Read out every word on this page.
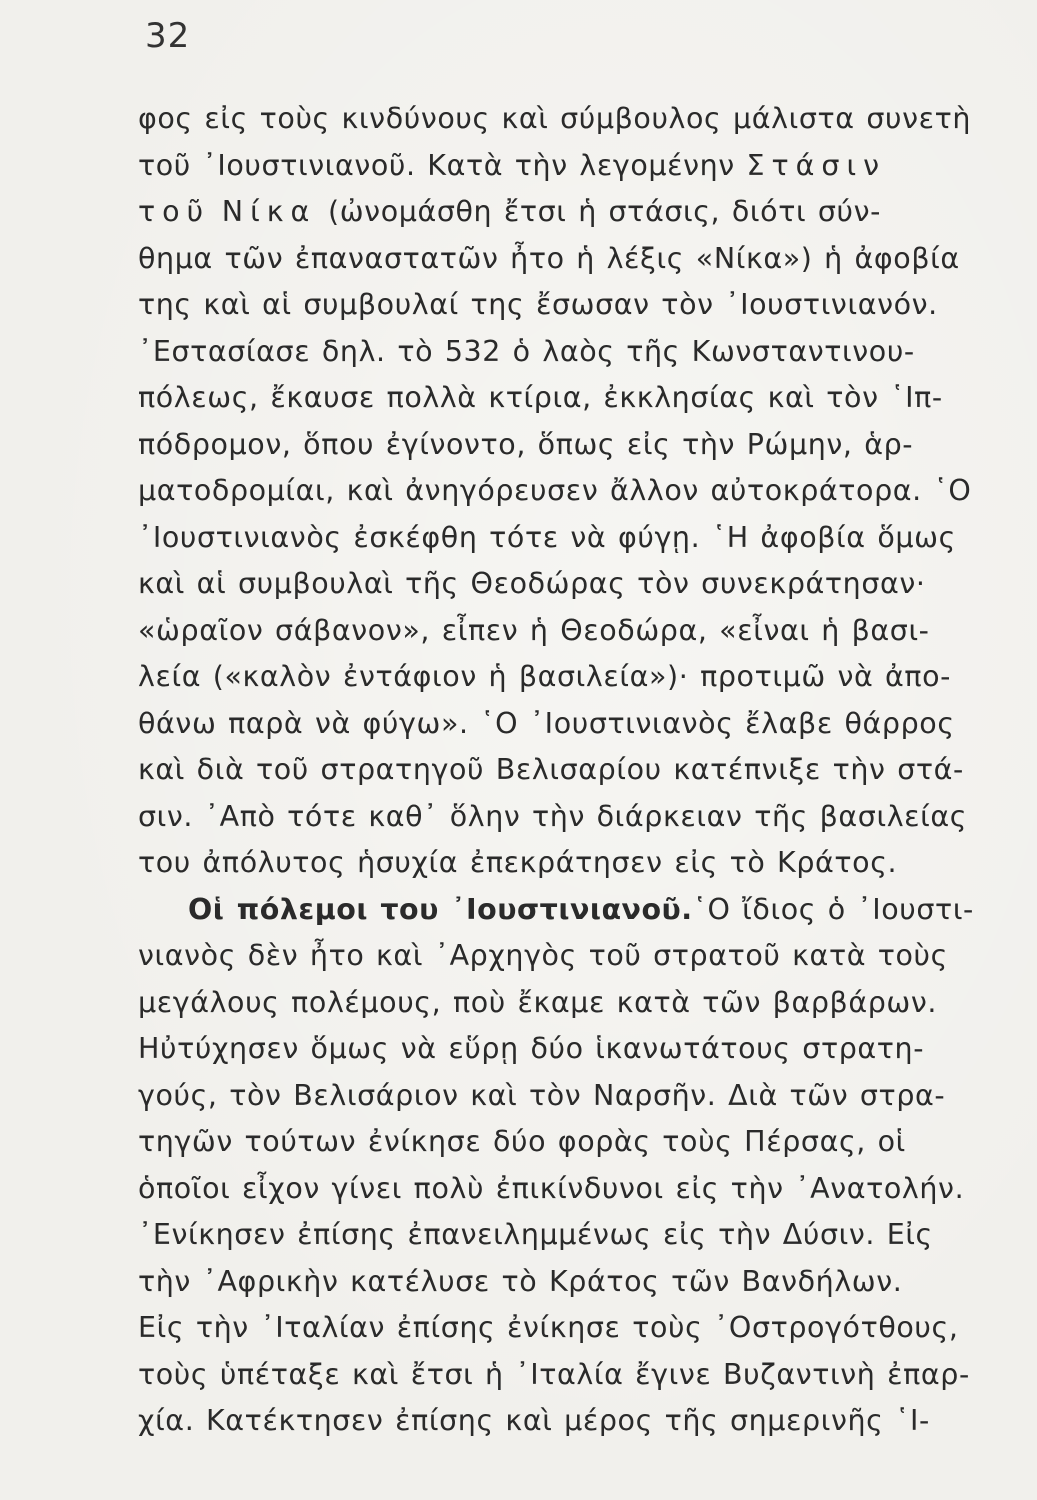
32
φος εἰς τοὺς κινδύνους καὶ σύμβουλος μάλιστα συνετὴ
τοῦ ᾿Ιουστινιανοῦ. Κατὰ τὴν λεγομένην Στάσιν
τοῦ Νίκα (ὠνομάσθη ἔτσι ἡ στάσις, διότι σύν-
θημα τῶν ἐπαναστατῶν ἦτο ἡ λέξις «Νίκα») ἡ ἀφοβία
της καὶ αἱ συμβουλαί της ἔσωσαν τὸν ᾿Ιουστινιανόν.
᾿Εστασίασε δηλ. τὸ 532 ὁ λαὸς τῆς Κωνσταντινου-
πόλεως, ἔκαυσε πολλὰ κτίρια, ἐκκλησίας καὶ τὸν ῾Ιπ-
πόδρομον, ὅπου ἐγίνοντο, ὅπως εἰς τὴν Ρώμην, ἁρ-
ματοδρομίαι, καὶ ἀνηγόρευσεν ἄλλον αὐτοκράτορα. ῾Ο
᾿Ιουστινιανὸς ἐσκέφθη τότε νὰ φύγῃ. ῾Η ἀφοβία ὅμως
καὶ αἱ συμβουλαὶ τῆς Θεοδώρας τὸν συνεκράτησαν·
«ὡραῖον σάβανον», εἶπεν ἡ Θεοδώρα, «εἶναι ἡ βασι-
λεία («καλὸν ἐντάφιον ἡ βασιλεία»)· προτιμῶ νὰ ἀπο-
θάνω παρὰ νὰ φύγω». ῾Ο ᾿Ιουστινιανὸς ἔλαβε θάρρος
καὶ διὰ τοῦ στρατηγοῦ Βελισαρίου κατέπνιξε τὴν στά-
σιν. ᾿Απὸ τότε καθ᾿ ὅλην τὴν διάρκειαν τῆς βασιλείας
του ἀπόλυτος ἡσυχία ἐπεκράτησεν εἰς τὸ Κράτος.
Οἱ πόλεμοι του ᾿Ιουστινιανοῦ.῾Ο ἴδιος ὁ ᾿Ιουστι-
νιανὸς δὲν ἦτο καὶ ᾿Αρχηγὸς τοῦ στρατοῦ κατὰ τοὺς
μεγάλους πολέμους, ποὺ ἔκαμε κατὰ τῶν βαρβάρων.
Ηὐτύχησεν ὅμως νὰ εὕρῃ δύο ἱκανωτάτους στρατη-
γούς, τὸν Βελισάριον καὶ τὸν Ναρσῆν. Διὰ τῶν στρα-
τηγῶν τούτων ἐνίκησε δύο φορὰς τοὺς Πέρσας, οἱ
ὁποῖοι εἶχον γίνει πολὺ ἐπικίνδυνοι εἰς τὴν ᾿Ανατολήν.
᾿Ενίκησεν ἐπίσης ἐπανειλημμένως εἰς τὴν Δύσιν. Εἰς
τὴν ᾿Αφρικὴν κατέλυσε τὸ Κράτος τῶν Βανδήλων.
Εἰς τὴν ᾿Ιταλίαν ἐπίσης ἐνίκησε τοὺς ᾿Οστρογότθους,
τοὺς ὑπέταξε καὶ ἔτσι ἡ ᾿Ιταλία ἔγινε Βυζαντινὴ ἐπαρ-
χία. Κατέκτησεν ἐπίσης καὶ μέρος τῆς σημερινῆς ῾Ι-
